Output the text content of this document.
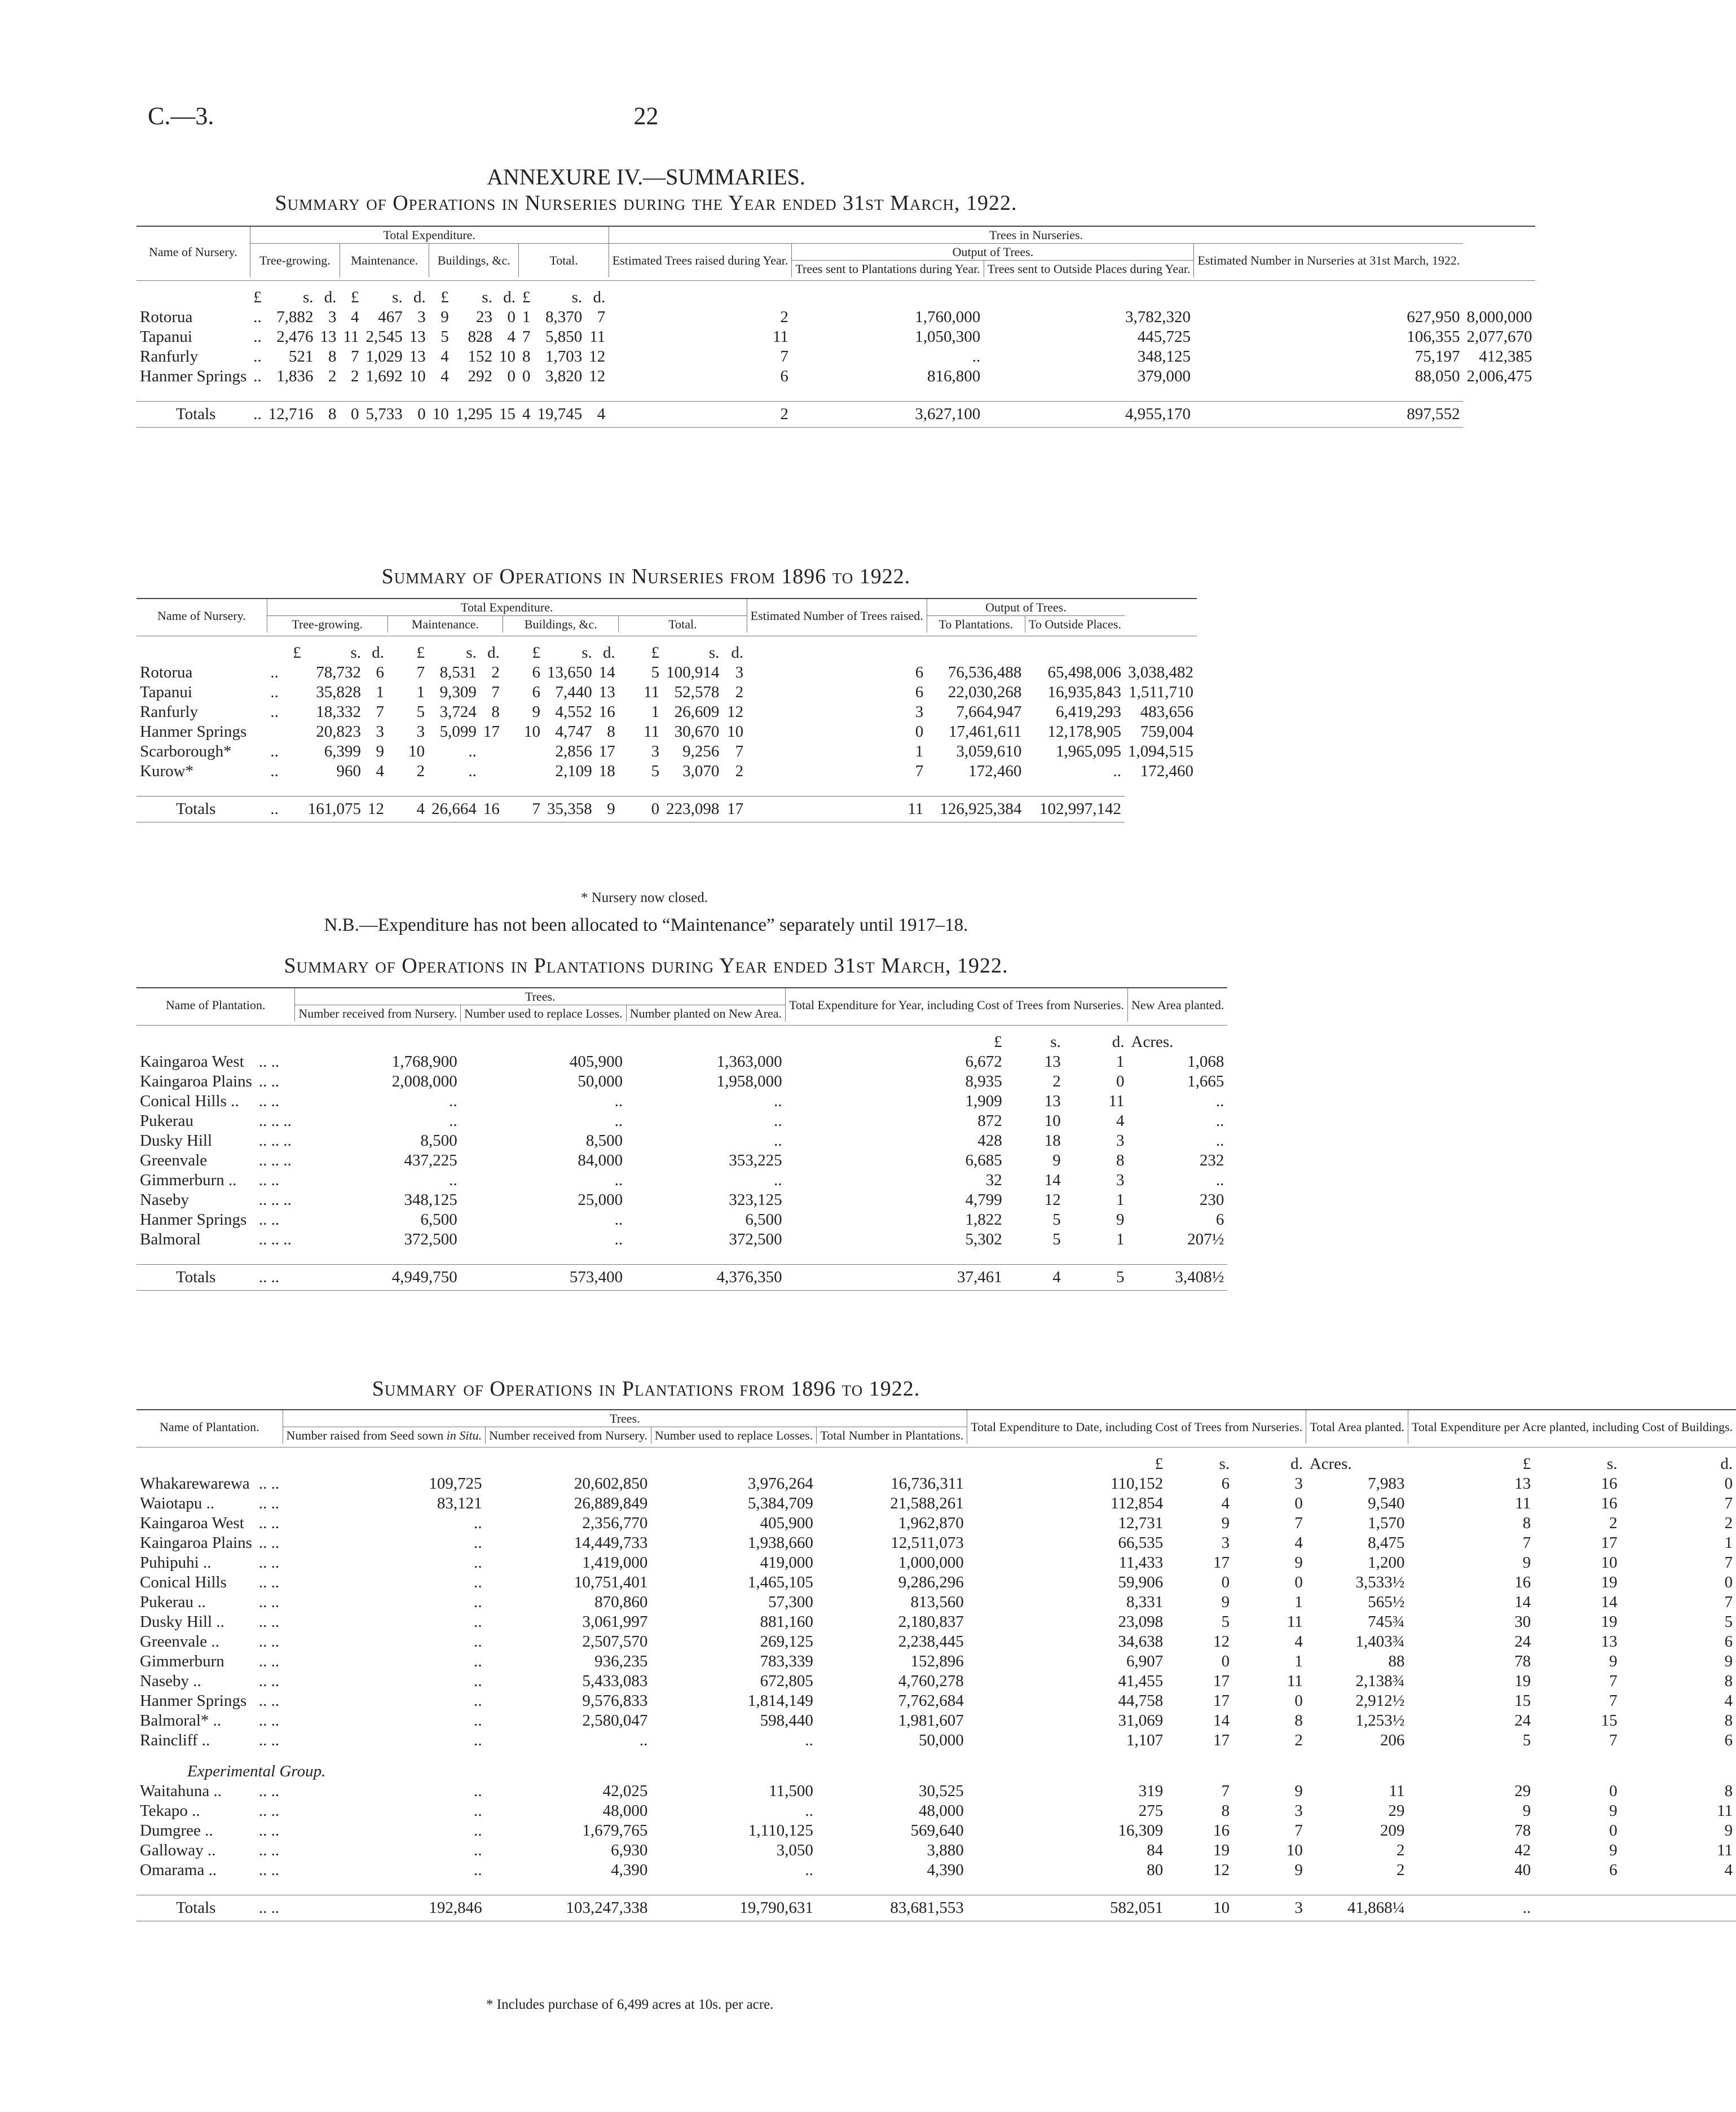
C.—3.	22
ANNEXURE IV.—SUMMARIES.
Summary of Operations in Nurseries during the Year ended 31st March, 1922.
Name of Nursery.	Total Expenditure.												Trees in Nurseries.				
	Tree-growing.			Maintenance.			Buildings, &c.			Total.			Estimated Trees raised during Year.	Output of Trees.		Estimated Number in Nurseries at 31st March, 1922.	
														Trees sent to Plantations during Year.	Trees sent to Outside Places during Year.		

	£	s.	d.	£	s.	d.	£	s.	d.	£	s.	d.					
Rotorua	..	7,882	3	4	467	3	9	23	0	1	8,370	7	2	1,760,000	3,782,320	627,950	8,000,000
Tapanui	..	2,476	13	11	2,545	13	5	828	4	7	5,850	11	11	1,050,300	445,725	106,355	2,077,670
Ranfurly	..	521	8	7	1,029	13	4	152	10	8	1,703	12	7	..	348,125	75,197	412,385
Hanmer Springs	..	1,836	2	2	1,692	10	4	292	0	0	3,820	12	6	816,800	379,000	88,050	2,006,475

Totals	..	12,716	8	0	5,733	0	10	1,295	15	4	19,745	4	2	3,627,100	4,955,170	897,552	
Summary of Operations in Nurseries from 1896 to 1922.
Name of Nursery.	Total Expenditure.												Estimated Number of Trees raised.	Output of Trees.		
	Tree-growing.			Maintenance.			Buildings, &c.			Total.				To Plantations.	To Outside Places.	

	£	s.	d.	£	s.	d.	£	s.	d.	£	s.	d.				
Rotorua	..	78,732	6	7	8,531	2	6	13,650	14	5	100,914	3	6	76,536,488	65,498,006	3,038,482
Tapanui	..	35,828	1	1	9,309	7	6	7,440	13	11	52,578	2	6	22,030,268	16,935,843	1,511,710
Ranfurly	..	18,332	7	5	3,724	8	9	4,552	16	1	26,609	12	3	7,664,947	6,419,293	483,656
Hanmer Springs		20,823	3	3	5,099	17	10	4,747	8	11	30,670	10	0	17,461,611	12,178,905	759,004
Scarborough*	..	6,399	9	10	..			2,856	17	3	9,256	7	1	3,059,610	1,965,095	1,094,515
Kurow*	..	960	4	2	..			2,109	18	5	3,070	2	7	172,460	..	172,460

Totals	..	161,075	12	4	26,664	16	7	35,358	9	0	223,098	17	11	126,925,384	102,997,142	
* Nursery now closed.
N.B.—Expenditure has not been allocated to “Maintenance” separately until 1917–18.
Summary of Operations in Plantations during Year ended 31st March, 1922.
Name of Plantation.		Trees.			Total Expenditure for Year, including Cost of Trees from Nurseries.			New Area planted.
		Number received from Nursery.	Number used to replace Losses.	Number planted on New Area.				

					£	s.	d.	Acres.
Kaingaroa West	.. ..	1,768,900	405,900	1,363,000	6,672	13	1	1,068
Kaingaroa Plains	.. ..	2,008,000	50,000	1,958,000	8,935	2	0	1,665
Conical Hills ..	.. ..	..	..	..	1,909	13	11	..
Pukerau	.. .. ..	..	..	..	872	10	4	..
Dusky Hill	.. .. ..	8,500	8,500	..	428	18	3	..
Greenvale	.. .. ..	437,225	84,000	353,225	6,685	9	8	232
Gimmerburn ..	.. ..	..	..	..	32	14	3	..
Naseby	.. .. ..	348,125	25,000	323,125	4,799	12	1	230
Hanmer Springs	.. ..	6,500	..	6,500	1,822	5	9	6
Balmoral	.. .. ..	372,500	..	372,500	5,302	5	1	207½

Totals	.. ..	4,949,750	573,400	4,376,350	37,461	4	5	3,408½
Summary of Operations in Plantations from 1896 to 1922.
Name of Plantation.		Trees.				Total Expenditure to Date, including Cost of Trees from Nurseries.			Total Area planted.	Total Expenditure per Acre planted, including Cost of Buildings.		
		Number raised from Seed sown in Situ.	Number received from Nursery.	Number used to replace Losses.	Total Number in Plantations.							

						£	s.	d.	Acres.	£	s.	d.
Whakarewarewa	.. ..	109,725	20,602,850	3,976,264	16,736,311	110,152	6	3	7,983	13	16	0
Waiotapu ..	.. ..	83,121	26,889,849	5,384,709	21,588,261	112,854	4	0	9,540	11	16	7
Kaingaroa West	.. ..	..	2,356,770	405,900	1,962,870	12,731	9	7	1,570	8	2	2
Kaingaroa Plains	.. ..	..	14,449,733	1,938,660	12,511,073	66,535	3	4	8,475	7	17	1
Puhipuhi ..	.. ..	..	1,419,000	419,000	1,000,000	11,433	17	9	1,200	9	10	7
Conical Hills	.. ..	..	10,751,401	1,465,105	9,286,296	59,906	0	0	3,533½	16	19	0
Pukerau ..	.. ..	..	870,860	57,300	813,560	8,331	9	1	565½	14	14	7
Dusky Hill ..	.. ..	..	3,061,997	881,160	2,180,837	23,098	5	11	745¾	30	19	5
Greenvale ..	.. ..	..	2,507,570	269,125	2,238,445	34,638	12	4	1,403¾	24	13	6
Gimmerburn	.. ..	..	936,235	783,339	152,896	6,907	0	1	88	78	9	9
Naseby ..	.. ..	..	5,433,083	672,805	4,760,278	41,455	17	11	2,138¾	19	7	8
Hanmer Springs	.. ..	..	9,576,833	1,814,149	7,762,684	44,758	17	0	2,912½	15	7	4
Balmoral* ..	.. ..	..	2,580,047	598,440	1,981,607	31,069	14	8	1,253½	24	15	8
Raincliff ..	.. ..	..	..	..	50,000	1,107	17	2	206	5	7	6
Experimental Group.												
Waitahuna ..	.. ..	..	42,025	11,500	30,525	319	7	9	11	29	0	8
Tekapo ..	.. ..	..	48,000	..	48,000	275	8	3	29	9	9	11
Dumgree ..	.. ..	..	1,679,765	1,110,125	569,640	16,309	16	7	209	78	0	9
Galloway ..	.. ..	..	6,930	3,050	3,880	84	19	10	2	42	9	11
Omarama ..	.. ..	..	4,390	..	4,390	80	12	9	2	40	6	4

Totals	.. ..	192,846	103,247,338	19,790,631	83,681,553	582,051	10	3	41,868¼	..		
* Includes purchase of 6,499 acres at 10s. per acre.
